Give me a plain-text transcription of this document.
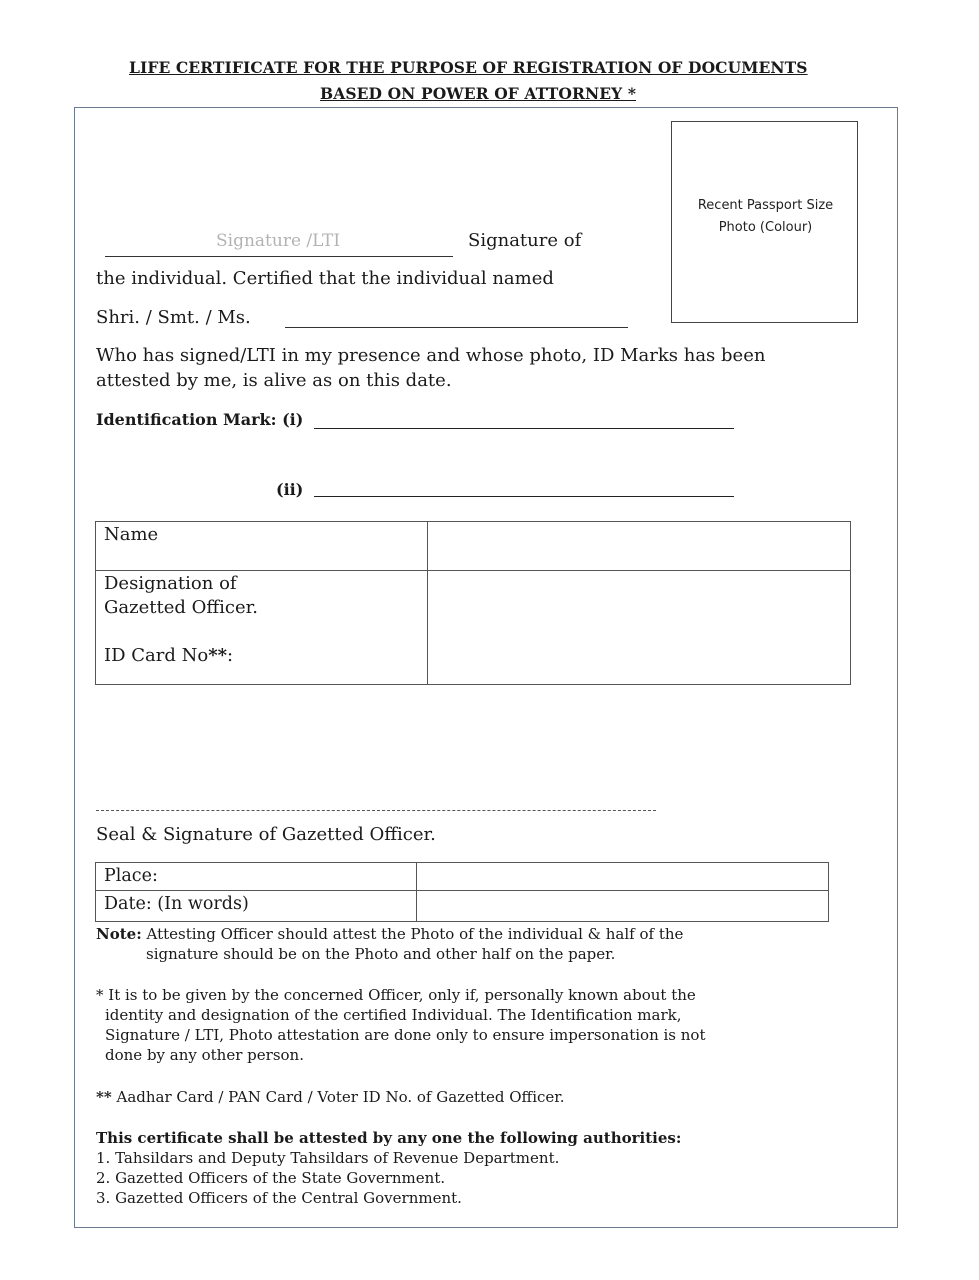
LIFE CERTIFICATE FOR THE PURPOSE OF REGISTRATION OF DOCUMENTS
BASED ON POWER OF ATTORNEY *
Recent Passport Size
Photo (Colour)
Signature /LTI	Signature of
the individual. Certified that the individual named
Shri. / Smt. / Ms.
Who has signed/LTI in my presence and whose photo, ID Marks has been
attested by me, is alive as on this date.
Identification Mark: (i)
(ii)
Name	

Designation of
Gazetted Officer.
ID Card No**:	

Seal & Signature of Gazetted Officer.
Place:	
Date: (In words)	
Note: Attesting Officer should attest the Photo of the individual & half of the
signature should be on the Photo and other half on the paper.
* It is to be given by the concerned Officer, only if, personally known about the
identity and designation of the certified Individual. The Identification mark,
Signature / LTI, Photo attestation are done only to ensure impersonation is not
done by any other person.
** Aadhar Card / PAN Card / Voter ID No. of Gazetted Officer.
This certificate shall be attested by any one the following authorities:
1. Tahsildars and Deputy Tahsildars of Revenue Department.
2. Gazetted Officers of the State Government.
3. Gazetted Officers of the Central Government.
